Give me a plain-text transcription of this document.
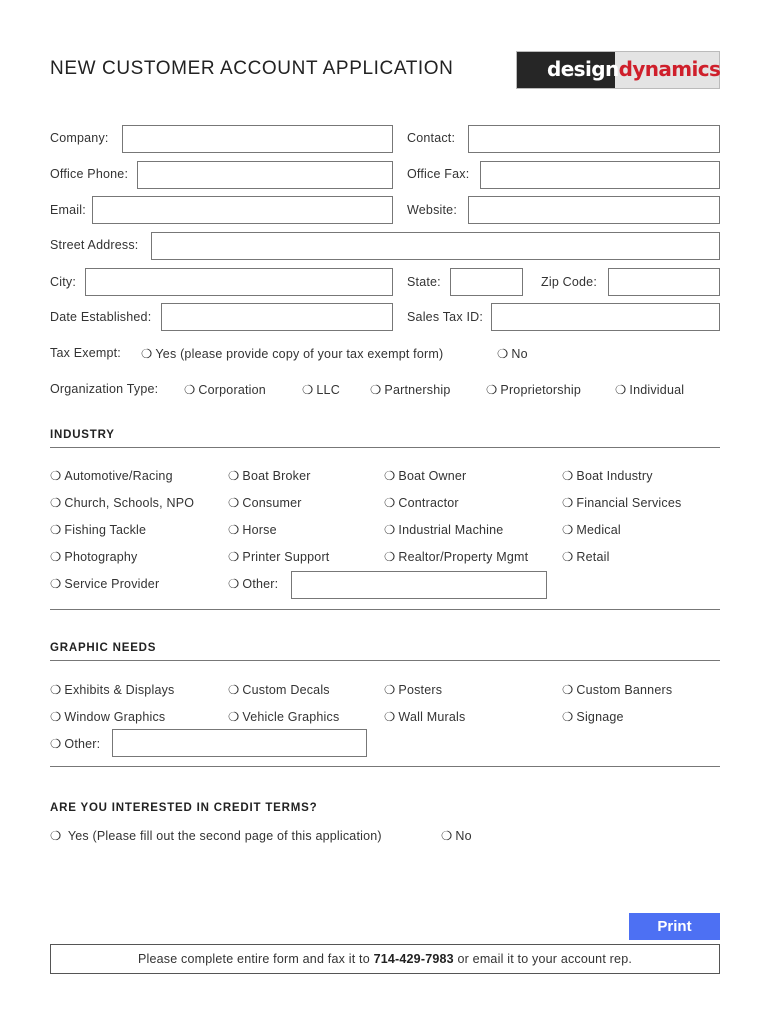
NEW CUSTOMER ACCOUNT APPLICATION	designdynamics
Company:	Contact:
Office Phone:	Office Fax:
Email:	Website:
Street Address:
City:	State:	Zip Code:
Date Established:	Sales Tax ID:
Tax Exempt: ❍ Yes (please provide copy of your tax exempt form)	❍ No
Organization Type: ❍ Corporation	❍ LLC ❍ Partnership	❍ Proprietorship	❍ Individual
INDUSTRY
❍ Automotive/Racing	❍ Boat Broker	❍ Boat Owner	❍ Boat Industry
❍ Church, Schools, NPO	❍ Consumer	❍ Contractor	❍ Financial Services
❍ Fishing Tackle	❍ Horse	❍ Industrial Machine	❍ Medical
❍ Photography	❍ Printer Support	❍ Realtor/Property Mgmt	❍ Retail
❍ Service Provider	❍ Other:
GRAPHIC NEEDS
❍ Exhibits & Displays	❍ Custom Decals	❍ Posters	❍ Custom Banners
❍ Window Graphics	❍ Vehicle Graphics	❍ Wall Murals	❍ Signage
❍ Other:
ARE YOU INTERESTED IN CREDIT TERMS?
❍ Yes (Please fill out the second page of this application)	❍ No
Print
Please complete entire form and fax it to 714-429-7983 or email it to your account rep.
